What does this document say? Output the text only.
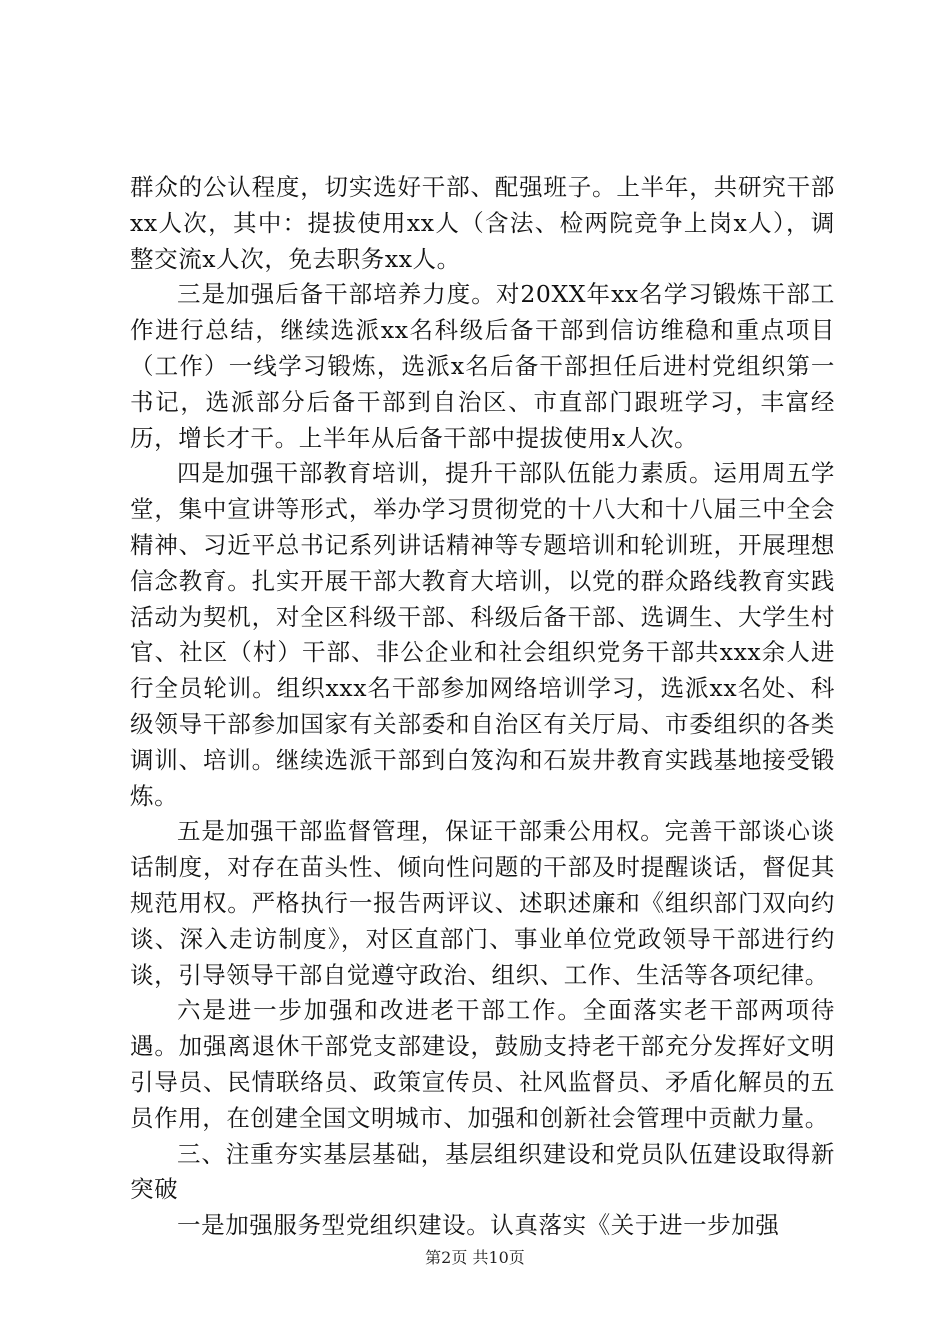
群众的公认程度，切实选好干部、配强班子。上半年，共研究干部xx人次，其中：提拔使用xx人（含法、检两院竞争上岗x人），调整交流x人次，免去职务xx人。

三是加强后备干部培养力度。对20XX年xx名学习锻炼干部工作进行总结，继续选派xx名科级后备干部到信访维稳和重点项目（工作）一线学习锻炼，选派x名后备干部担任后进村党组织第一书记，选派部分后备干部到自治区、市直部门跟班学习，丰富经历，增长才干。上半年从后备干部中提拔使用x人次。

四是加强干部教育培训，提升干部队伍能力素质。运用周五学堂，集中宣讲等形式，举办学习贯彻党的十八大和十八届三中全会精神、习近平总书记系列讲话精神等专题培训和轮训班，开展理想信念教育。扎实开展干部大教育大培训，以党的群众路线教育实践活动为契机，对全区科级干部、科级后备干部、选调生、大学生村官、社区（村）干部、非公企业和社会组织党务干部共xxx余人进行全员轮训。组织xxx名干部参加网络培训学习，选派xx名处、科级领导干部参加国家有关部委和自治区有关厅局、市委组织的各类调训、培训。继续选派干部到白笈沟和石炭井教育实践基地接受锻炼。

五是加强干部监督管理，保证干部秉公用权。完善干部谈心谈话制度，对存在苗头性、倾向性问题的干部及时提醒谈话，督促其规范用权。严格执行一报告两评议、述职述廉和《组织部门双向约谈、深入走访制度》，对区直部门、事业单位党政领导干部进行约谈，引导领导干部自觉遵守政治、组织、工作、生活等各项纪律。

六是进一步加强和改进老干部工作。全面落实老干部两项待遇。加强离退休干部党支部建设，鼓励支持老干部充分发挥好文明引导员、民情联络员、政策宣传员、社风监督员、矛盾化解员的五员作用，在创建全国文明城市、加强和创新社会管理中贡献力量。

三、注重夯实基层基础，基层组织建设和党员队伍建设取得新突破

一是加强服务型党组织建设。认真落实《关于进一步加强

第2页 共10页
